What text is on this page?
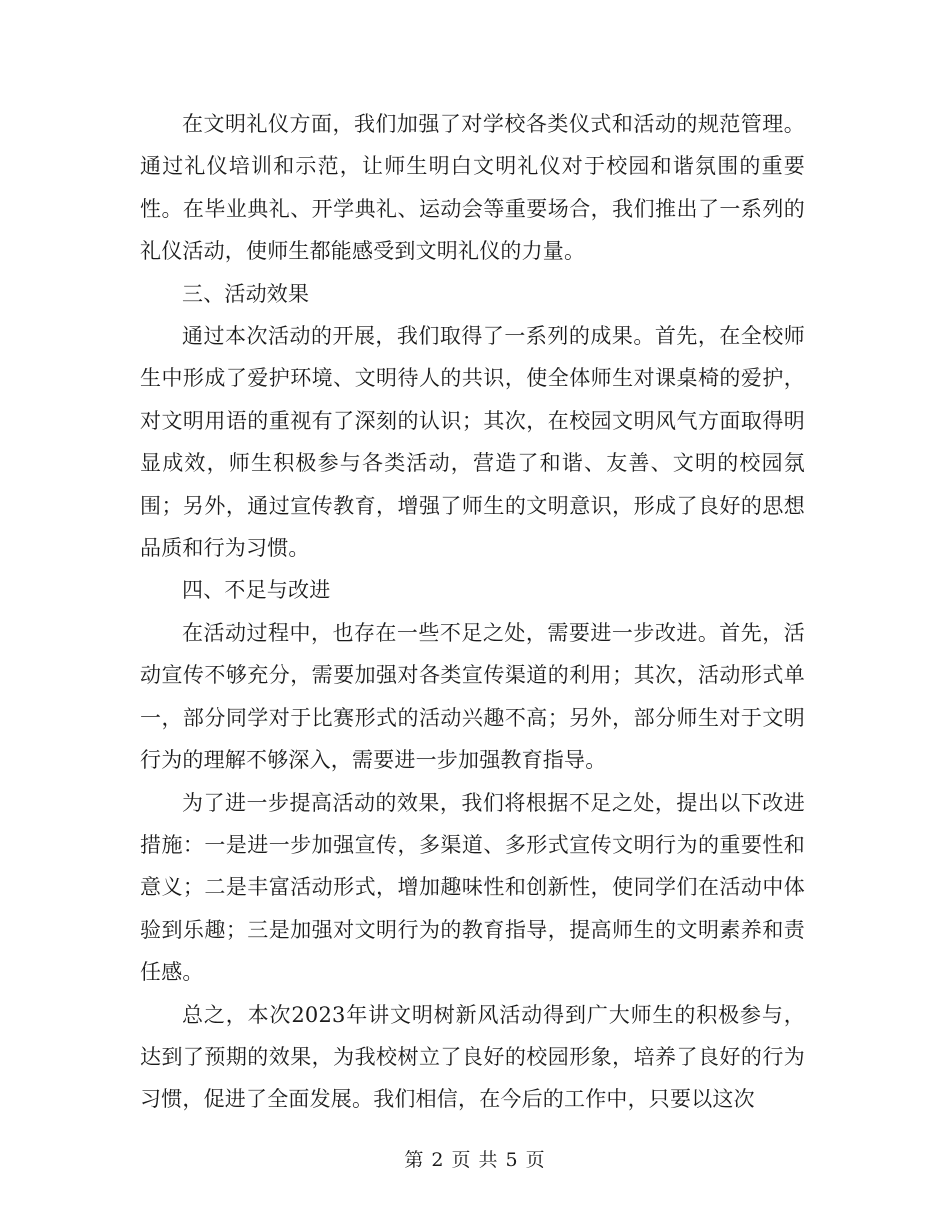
在文明礼仪方面，我们加强了对学校各类仪式和活动的规范管理。通过礼仪培训和示范，让师生明白文明礼仪对于校园和谐氛围的重要性。在毕业典礼、开学典礼、运动会等重要场合，我们推出了一系列的礼仪活动，使师生都能感受到文明礼仪的力量。

三、活动效果

通过本次活动的开展，我们取得了一系列的成果。首先，在全校师生中形成了爱护环境、文明待人的共识，使全体师生对课桌椅的爱护，对文明用语的重视有了深刻的认识；其次，在校园文明风气方面取得明显成效，师生积极参与各类活动，营造了和谐、友善、文明的校园氛围；另外，通过宣传教育，增强了师生的文明意识，形成了良好的思想品质和行为习惯。

四、不足与改进

在活动过程中，也存在一些不足之处，需要进一步改进。首先，活动宣传不够充分，需要加强对各类宣传渠道的利用；其次，活动形式单一，部分同学对于比赛形式的活动兴趣不高；另外，部分师生对于文明行为的理解不够深入，需要进一步加强教育指导。

为了进一步提高活动的效果，我们将根据不足之处，提出以下改进措施：一是进一步加强宣传，多渠道、多形式宣传文明行为的重要性和意义；二是丰富活动形式，增加趣味性和创新性，使同学们在活动中体验到乐趣；三是加强对文明行为的教育指导，提高师生的文明素养和责任感。

总之，本次2023年讲文明树新风活动得到广大师生的积极参与，达到了预期的效果，为我校树立了良好的校园形象，培养了良好的行为习惯，促进了全面发展。我们相信，在今后的工作中，只要以这次

第 2 页 共 5 页
